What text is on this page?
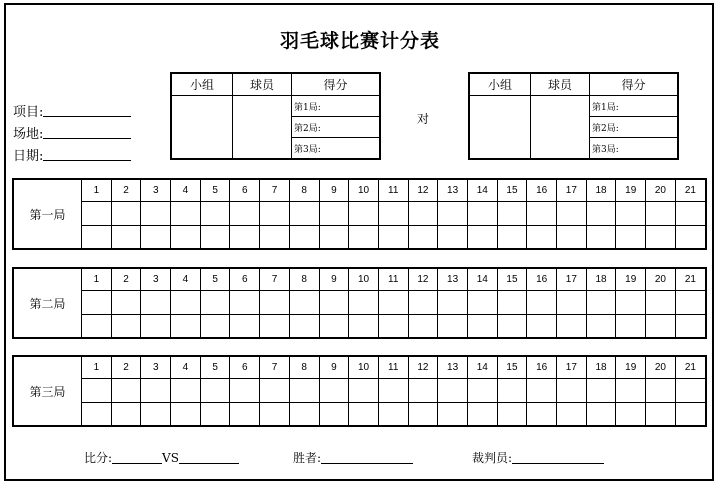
羽毛球比赛计分表
项目:
场地:
日期:
小组	球员	得分
		第1局:
		第2局:
		第3局:
对
小组	球员	得分
		第1局:
		第2局:
		第3局:
第一局
1	2	3	4	5	6	7	8	9	10	11	12	13	14	15	16	17	18	19	20	21

第二局
1	2	3	4	5	6	7	8	9	10	11	12	13	14	15	16	17	18	19	20	21

第三局
1	2	3	4	5	6	7	8	9	10	11	12	13	14	15	16	17	18	19	20	21

比分:	VS	胜者:	裁判员:
